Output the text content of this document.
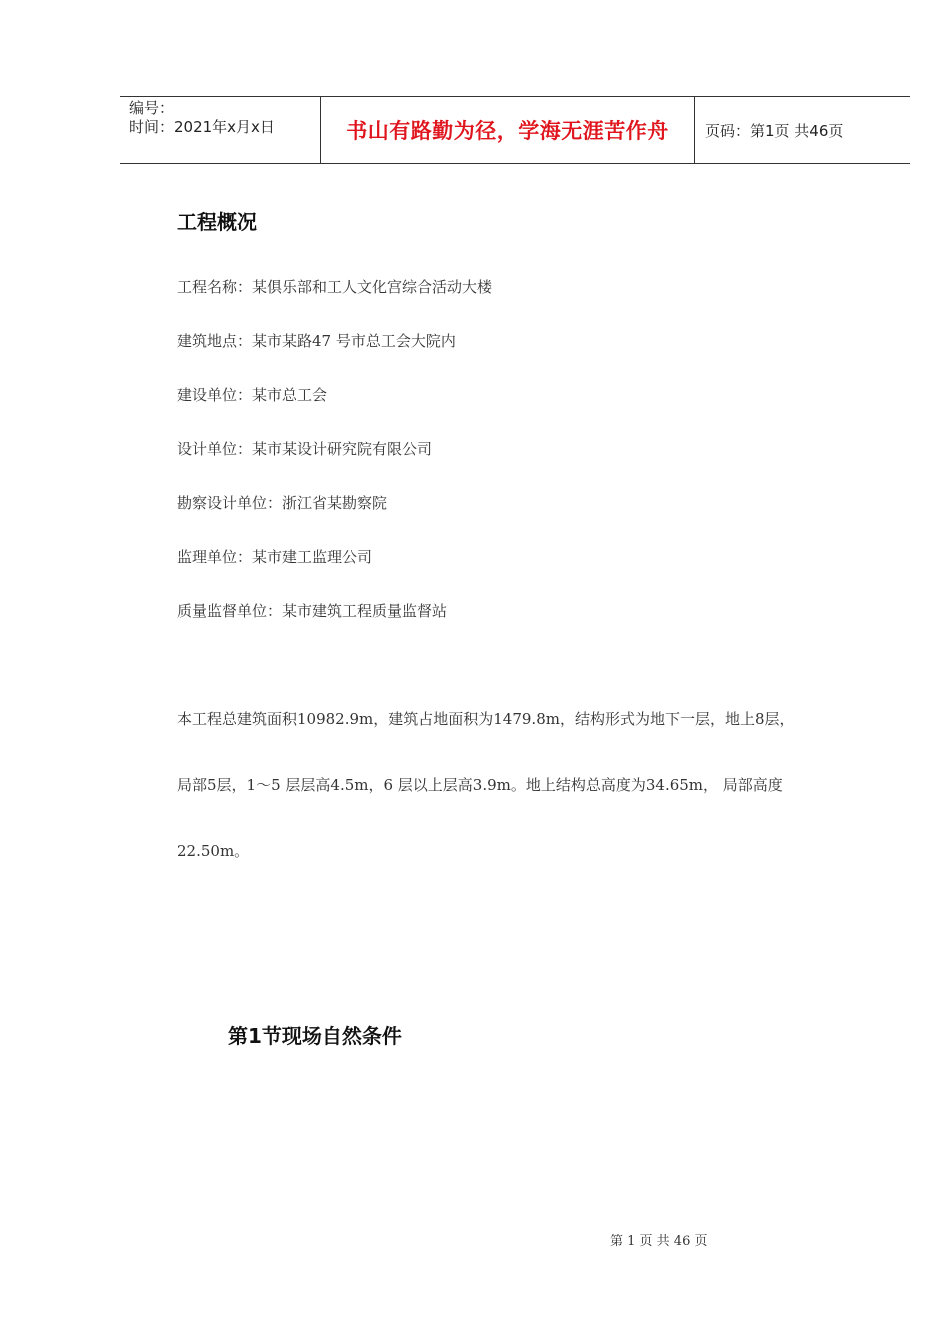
编号：
时间：2021年x月x日	书山有路勤为径，学海无涯苦作舟	页码：第1页 共46页
工程概况
工程名称：某俱乐部和工人文化宫综合活动大楼
建筑地点：某市某路47 号市总工会大院内
建设单位：某市总工会
设计单位：某市某设计研究院有限公司
勘察设计单位：浙江省某勘察院
监理单位：某市建工监理公司
质量监督单位：某市建筑工程质量监督站
本工程总建筑面积10982.9m，建筑占地面积为1479.8m，结构形式为地下一层，地上8层，
局部5层，1～5 层层高4.5m，6 层以上层高3.9m。地上结构总高度为34.65m， 局部高度
22.50m。
第1节现场自然条件
第 1 页 共 46 页
